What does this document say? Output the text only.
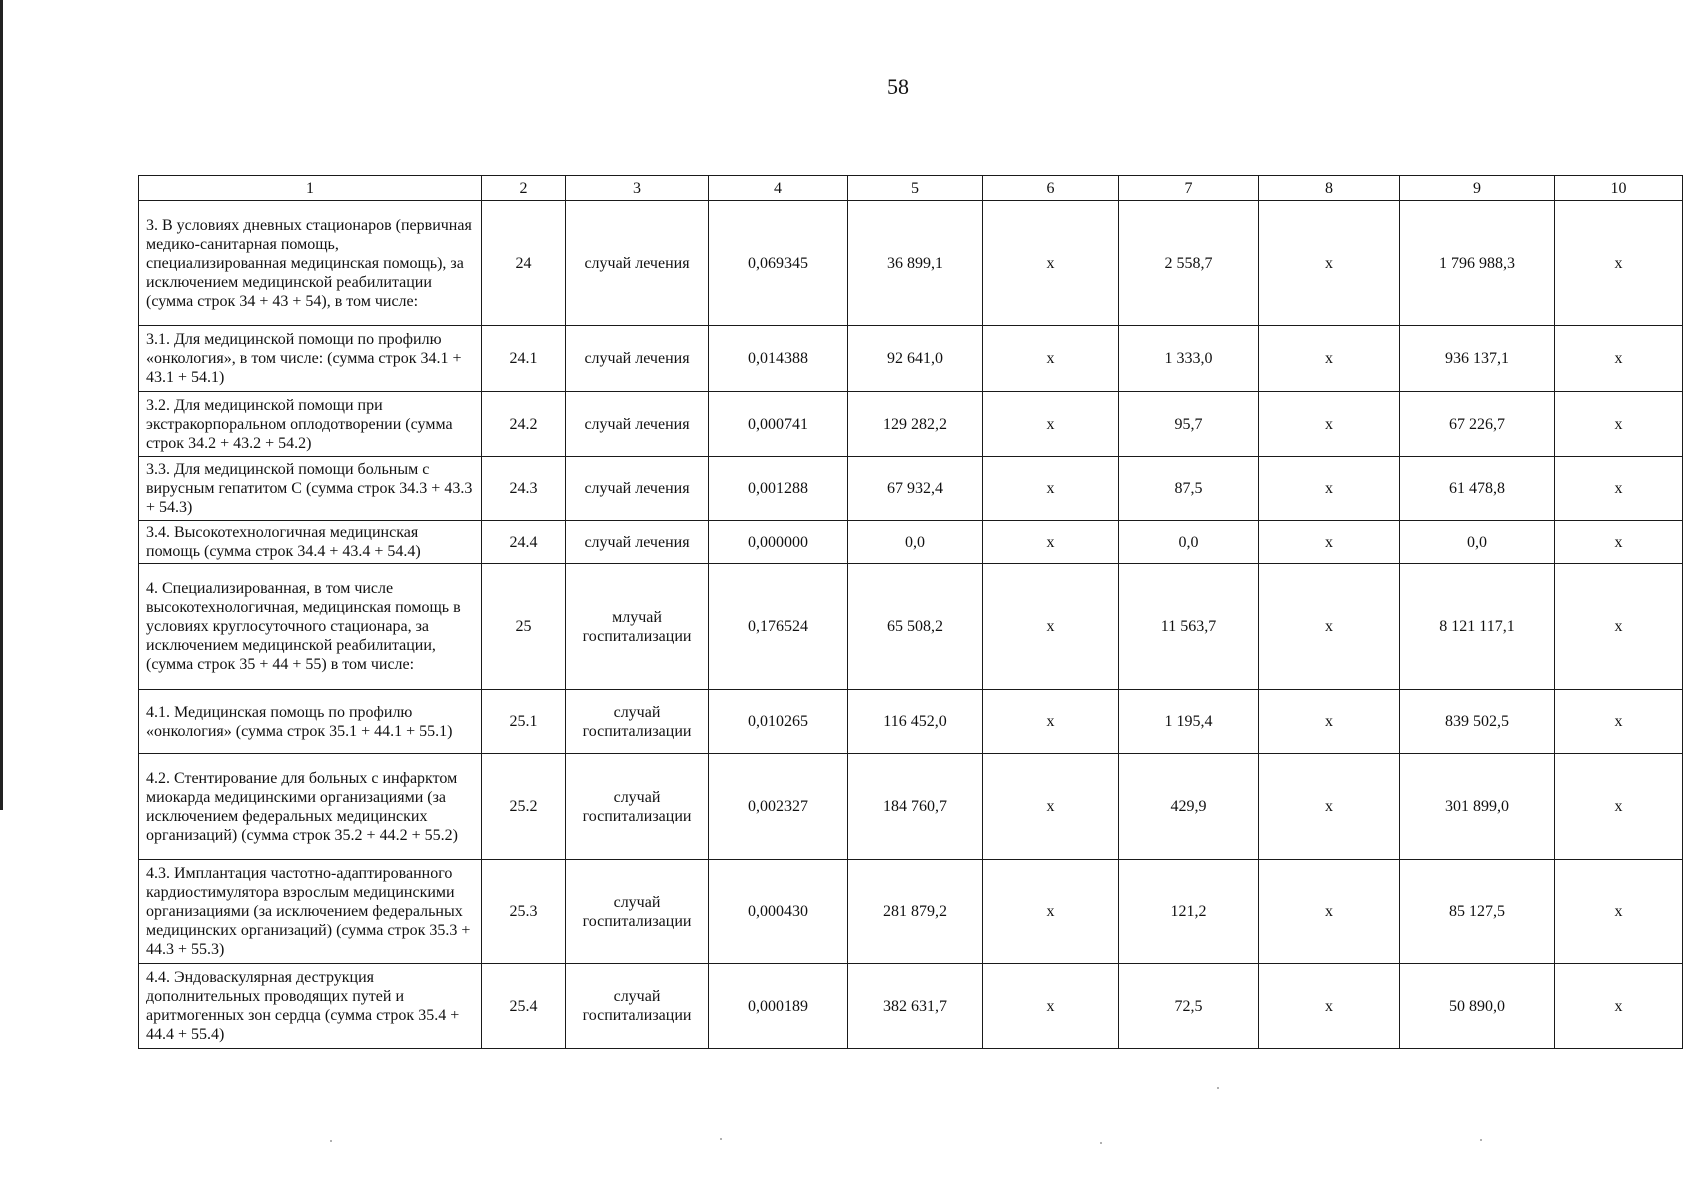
58
1	2	3	4	5	6	7	8	9	10
3. В условиях дневных стационаров (первичная медико-санитарная помощь, специализированная медицинская помощь), за исключением медицинской реабилитации (сумма строк 34 + 43 + 54), в том числе:	24	случай лечения	0,069345	36 899,1	х	2 558,7	х	1 796 988,3	х
3.1. Для медицинской помощи по профилю «онкология», в том числе: (сумма строк 34.1 + 43.1 + 54.1)	24.1	случай лечения	0,014388	92 641,0	х	1 333,0	х	936 137,1	х
3.2. Для медицинской помощи при экстракорпоральном оплодотворении (сумма строк 34.2 + 43.2 + 54.2)	24.2	случай лечения	0,000741	129 282,2	х	95,7	х	67 226,7	х
3.3. Для медицинской помощи больным с вирусным гепатитом С (сумма строк 34.3 + 43.3 + 54.3)	24.3	случай лечения	0,001288	67 932,4	х	87,5	х	61 478,8	х
3.4. Высокотехнологичная медицинская помощь (сумма строк 34.4 + 43.4 + 54.4)	24.4	случай лечения	0,000000	0,0	х	0,0	х	0,0	х
4. Специализированная, в том числе высокотехнологичная, медицинская помощь в условиях круглосуточного стационара, за исключением медицинской реабилитации, (сумма строк 35 + 44 + 55) в том числе:	25	млучай госпитализации	0,176524	65 508,2	х	11 563,7	х	8 121 117,1	х
4.1. Медицинская помощь по профилю «онкология» (сумма строк 35.1 + 44.1 + 55.1)	25.1	случай госпитализации	0,010265	116 452,0	х	1 195,4	х	839 502,5	х
4.2. Стентирование для больных с инфарктом миокарда медицинскими организациями (за исключением федеральных медицинских организаций) (сумма строк 35.2 + 44.2 + 55.2)	25.2	случай госпитализации	0,002327	184 760,7	х	429,9	х	301 899,0	х
4.3. Имплантация частотно-адаптированного кардиостимулятора взрослым медицинскими организациями (за исключением федеральных медицинских организаций) (сумма строк 35.3 + 44.3 + 55.3)	25.3	случай госпитализации	0,000430	281 879,2	х	121,2	х	85 127,5	х
4.4. Эндоваскулярная деструкция дополнительных проводящих путей и аритмогенных зон сердца (сумма строк 35.4 + 44.4 + 55.4)	25.4	случай госпитализации	0,000189	382 631,7	х	72,5	х	50 890,0	х
